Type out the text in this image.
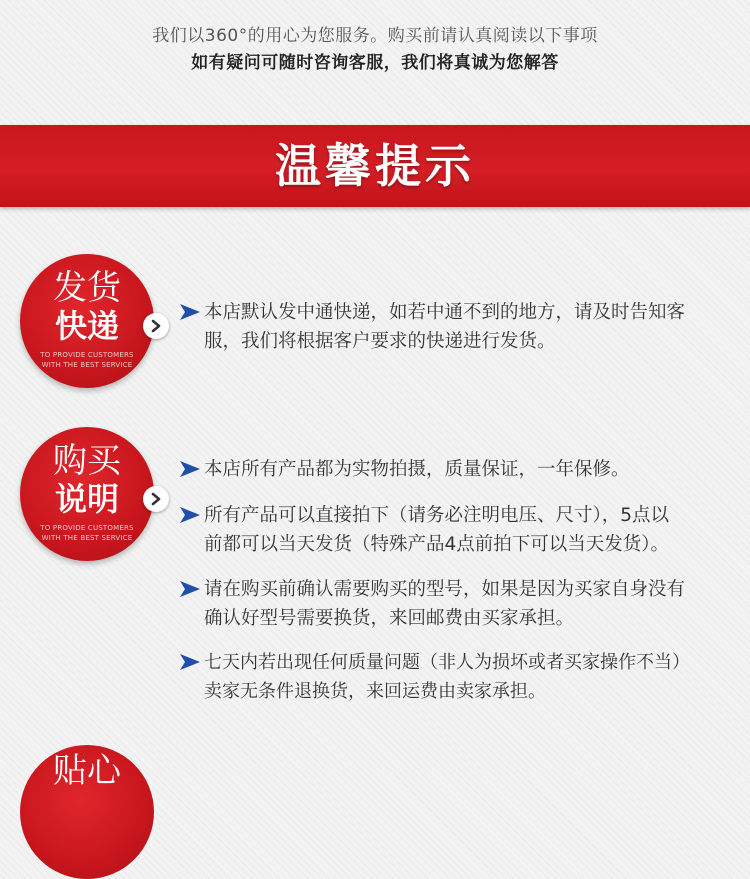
我们以360°的用心为您服务。购买前请认真阅读以下事项
如有疑问可随时咨询客服，我们将真诚为您解答
温馨提示
发货
快递
TO PROVIDE CUSTOMERS
WITH THE BEST SERVICE
本店默认发中通快递，如若中通不到的地方，请及时告知客
服，我们将根据客户要求的快递进行发货。
购买
说明
TO PROVIDE CUSTOMERS
WITH THE BEST SERVICE
本店所有产品都为实物拍摄，质量保证，一年保修。
所有产品可以直接拍下（请务必注明电压、尺寸），5点以
前都可以当天发货（特殊产品4点前拍下可以当天发货）。
请在购买前确认需要购买的型号，如果是因为买家自身没有
确认好型号需要换货，来回邮费由买家承担。
七天内若出现任何质量问题（非人为损坏或者买家操作不当）
卖家无条件退换货，来回运费由卖家承担。
贴心
